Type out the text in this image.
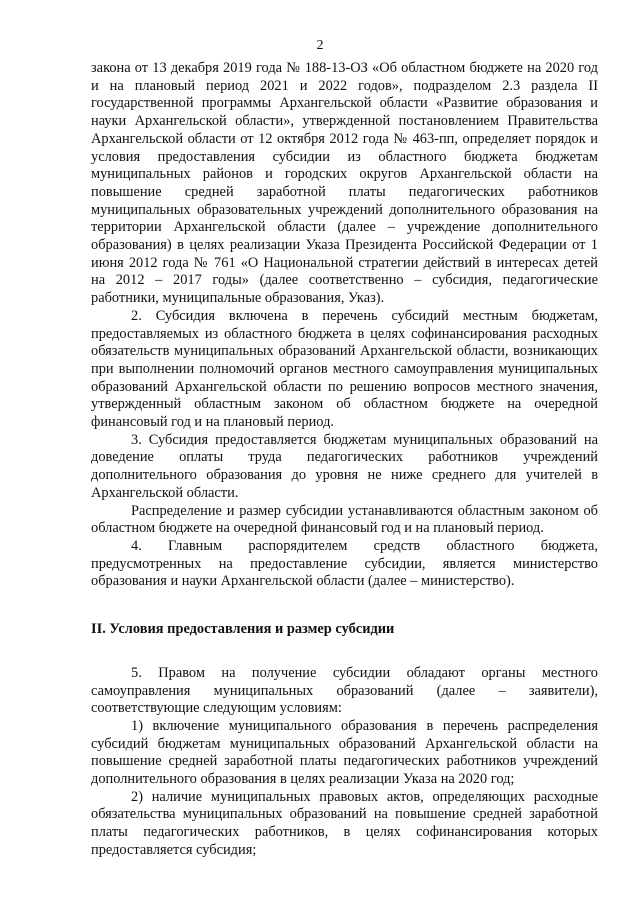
2

закона от 13 декабря 2019 года № 188-13-ОЗ «Об областном бюджете на 2020 год и на плановый период 2021 и 2022 годов», подразделом 2.3 раздела II государственной программы Архангельской области «Развитие образования и науки Архангельской области», утвержденной постановлением Правительства Архангельской области от 12 октября 2012 года № 463-пп, определяет порядок и условия предоставления субсидии из областного бюджета бюджетам муниципальных районов и городских округов Архангельской области на повышение средней заработной платы педагогических работников муниципальных образовательных учреждений дополнительного образования на территории Архангельской области (далее – учреждение дополнительного образования) в целях реализации Указа Президента Российской Федерации от 1 июня 2012 года № 761 «О Национальной стратегии действий в интересах детей на 2012 – 2017 годы» (далее соответственно – субсидия, педагогические работники, муниципальные образования, Указ).

2. Субсидия включена в перечень субсидий местным бюджетам, предоставляемых из областного бюджета в целях софинансирования расходных обязательств муниципальных образований Архангельской области, возникающих при выполнении полномочий органов местного самоуправления муниципальных образований Архангельской области по решению вопросов местного значения, утвержденный областным законом об областном бюджете на очередной финансовый год и на плановый период.

3. Субсидия предоставляется бюджетам муниципальных образований на доведение оплаты труда педагогических работников учреждений дополнительного образования до уровня не ниже среднего для учителей в Архангельской области.

Распределение и размер субсидии устанавливаются областным законом об областном бюджете на очередной финансовый год и на плановый период.

4. Главным распорядителем средств областного бюджета, предусмотренных на предоставление субсидии, является министерство образования и науки Архангельской области (далее – министерство).

II. Условия предоставления и размер субсидии

5. Правом на получение субсидии обладают органы местного самоуправления муниципальных образований (далее – заявители), соответствующие следующим условиям:

1) включение муниципального образования в перечень распределения субсидий бюджетам муниципальных образований Архангельской области на повышение средней заработной платы педагогических работников учреждений дополнительного образования в целях реализации Указа на 2020 год;

2) наличие муниципальных правовых актов, определяющих расходные обязательства муниципальных образований на повышение средней заработной платы педагогических работников, в целях софинансирования которых предоставляется субсидия;
